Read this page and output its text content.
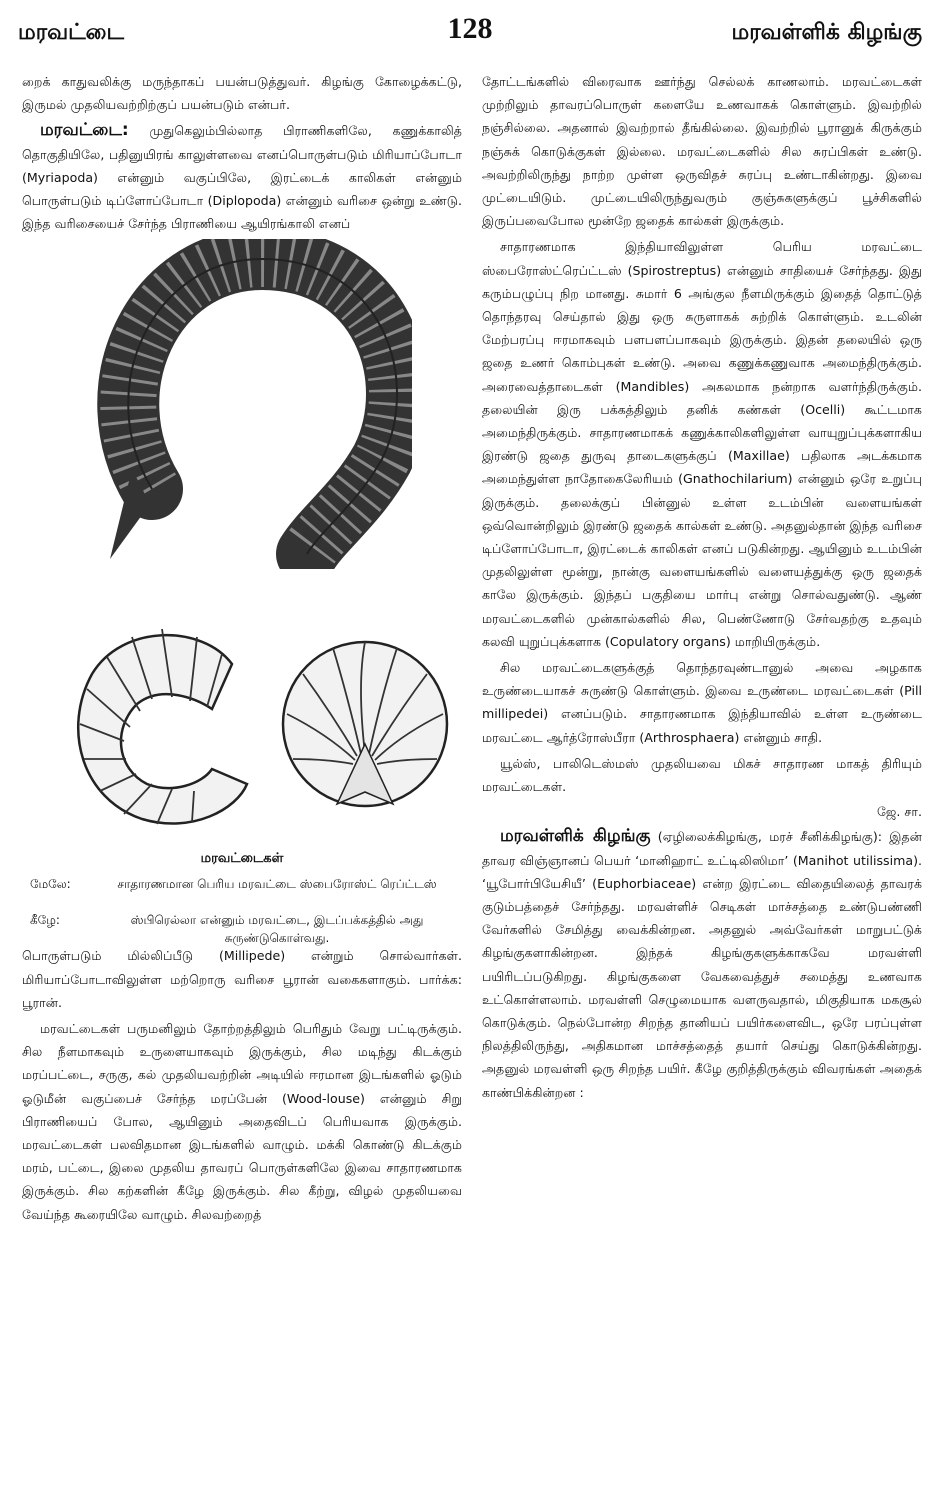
மரவட்டை	128	மரவள்ளிக் கிழங்கு

றைக் காதுவலிக்கு மருந்தாகப் பயன்படுத்துவர். கிழங்கு கோழைக்கட்டு, இருமல் முதலியவற்றிற்குப் பயன்படும் என்பர்.

மரவட்டை: முதுகெலும்பில்லாத பிராணிகளிலே, கணுக்காலித் தொகுதியிலே, பதினுயிரங் காலுள்ளவை எனப்பொருள்படும் மிரியாப்போடா (Myriapoda) என்னும் வகுப்பிலே, இரட்டைக் காலிகள் என்னும் பொருள்படும் டிப்ளோப்போடா (Diplopoda) என்னும் வரிசை ஒன்று உண்டு. இந்த வரிசையைச் சேர்ந்த பிராணியை ஆயிரங்காலி எனப்

மரவட்டைகள்
மேலே:	சாதாரணமான பெரிய மரவட்டை ஸ்பைரோஸ்ட் ரெப்ட்டஸ்
கீழே:	ஸ்பிரெல்லா என்னும் மரவட்டை, இடப்பக்கத்தில் அது சுருண்டுகொள்வது.

பொருள்படும் மில்லிப்பீடு (Millipede) என்றும் சொல்வார்கள். மிரியாப்போடாவிலுள்ள மற்றொரு வரிசை பூரான் வகைகளாகும். பார்க்க: பூரான்.

மரவட்டைகள் பருமனிலும் தோற்றத்திலும் பெரிதும் வேறு பட்டிருக்கும். சில நீளமாகவும் உருளையாகவும் இருக்கும், சில மடிந்து கிடக்கும் மரப்பட்டை, சருகு, கல் முதலியவற்றின் அடியில் ஈரமான இடங்களில் ஓடும் ஓடுமீன் வகுப்பைச் சேர்ந்த மரப்பேன் (Wood-louse) என்னும் சிறு பிராணியைப் போல, ஆயினும் அதைவிடப் பெரியவாக இருக்கும். மரவட்டைகள் பலவிதமான இடங்களில் வாழும். மக்கி கொண்டு கிடக்கும் மரம், பட்டை, இலை முதலிய தாவரப் பொருள்களிலே இவை சாதாரணமாக இருக்கும். சில கற்களின் கீழே இருக்கும். சில கீற்று, விழல் முதலியவை வேய்ந்த கூரையிலே வாழும். சிலவற்றைத்

தோட்டங்களில் விரைவாக ஊர்ந்து செல்லக் காணலாம். மரவட்டைகள் முற்றிலும் தாவரப்பொருள் களையே உணவாகக் கொள்ளும். இவற்றில் நஞ்சில்லை. அதனால் இவற்றால் தீங்கில்லை. இவற்றில் பூரானுக் கிருக்கும் நஞ்சுக் கொடுக்குகள் இல்லை. மரவட்டைகளில் சில சுரப்பிகள் உண்டு. அவற்றிலிருந்து நாற்ற முள்ள ஒருவிதச் சுரப்பு உண்டாகின்றது. இவை முட்டையிடும். முட்டையிலிருந்துவரும் குஞ்சுகளுக்குப் பூச்சிகளில் இருப்பவைபோல மூன்றே ஜதைக் கால்கள் இருக்கும்.

சாதாரணமாக இந்தியாவிலுள்ள பெரிய மரவட்டை ஸ்பைரோஸ்ட்ரெப்ட்டஸ் (Spirostreptus) என்னும் சாதியைச் சேர்ந்தது. இது கரும்பழுப்பு நிற மானது. சுமார் 6 அங்குல நீளமிருக்கும் இதைத் தொட்டுத் தொந்தரவு செய்தால் இது ஒரு சுருளாகக் சுற்றிக் கொள்ளும். உடலின் மேற்பரப்பு ஈரமாகவும் பளபளப்பாகவும் இருக்கும். இதன் தலையில் ஒரு ஜதை உணர் கொம்புகள் உண்டு. அவை கணுக்கணுவாக அமைந்திருக்கும். அரைவைத்தாடைகள் (Mandibles) அகலமாக நன்றாக வளர்ந்திருக்கும். தலையின் இரு பக்கத்திலும் தனிக் கண்கள் (Ocelli) கூட்டமாக அமைந்திருக்கும். சாதாரணமாகக் கணுக்காலிகளிலுள்ள வாயுறுப்புக்களாகிய இரண்டு ஜதை துருவு தாடைகளுக்குப் (Maxillae) பதிலாக அடக்கமாக அமைந்துள்ள நாதோகைலேரியம் (Gnathochilarium) என்னும் ஒரே உறுப்பு இருக்கும். தலைக்குப் பின்னுல் உள்ள உடம்பின் வளையங்கள் ஒவ்வொன்றிலும் இரண்டு ஜதைக் கால்கள் உண்டு. அதனுல்தான் இந்த வரிசை டிப்ளோப்போடா, இரட்டைக் காலிகள் எனப் படுகின்றது. ஆயினும் உடம்பின் முதலிலுள்ள மூன்று, நான்கு வளையங்களில் வளையத்துக்கு ஒரு ஜதைக் காலே இருக்கும். இந்தப் பகுதியை மார்பு என்று சொல்வதுண்டு. ஆண் மரவட்டைகளில் முன்கால்களில் சில, பெண்ணோடு சேர்வதற்கு உதவும் கலவி யுறுப்புக்களாக (Copulatory organs) மாறியிருக்கும்.

சில மரவட்டைகளுக்குத் தொந்தரவுண்டானுல் அவை அழகாக உருண்டையாகச் சுருண்டு கொள்ளும். இவை உருண்டை மரவட்டைகள் (Pill millipedei) எனப்படும். சாதாரணமாக இந்தியாவில் உள்ள உருண்டை மரவட்டை ஆர்த்ரோஸ்பீரா (Arthrosphaera) என்னும் சாதி.

யூல்ஸ், பாலிடெஸ்மஸ் முதலியவை மிகச் சாதாரண மாகத் திரியும் மரவட்டைகள்.

ஜே. சா.

மரவள்ளிக் கிழங்கு (ஏழிலைக்கிழங்கு, மரச் சீனிக்கிழங்கு): இதன் தாவர விஞ்ஞானப் பெயர் ‘மானிஹாட் உட்டிலிஸிமா’ (Manihot utilissima). ‘யூபோர்பியேசியீ’ (Euphorbiaceae) என்ற இரட்டை விதையிலைத் தாவரக் குடும்பத்தைச் சேர்ந்தது. மரவள்ளிச் செடிகள் மாச்சத்தை உண்டுபண்ணி வேர்களில் சேமித்து வைக்கின்றன. அதனுல் அவ்வேர்கள் மாறுபட்டுக் கிழங்குகளாகின்றன. இந்தக் கிழங்குகளுக்காகவே மரவள்ளி பயிரிடப்படுகிறது. கிழங்குகளை வேகவைத்துச் சமைத்து உணவாக உட்கொள்ளலாம். மரவள்ளி செழுமையாக வளருவதால், மிகுதியாக மகசூல் கொடுக்கும். நெல்போன்ற சிறந்த தானியப் பயிர்களைவிட, ஒரே பரப்புள்ள நிலத்திலிருந்து, அதிகமான மாச்சத்தைத் தயார் செய்து கொடுக்கின்றது. அதனுல் மரவள்ளி ஒரு சிறந்த பயிர். கீழே குறித்திருக்கும் விவரங்கள் அதைக் காண்பிக்கின்றன :
